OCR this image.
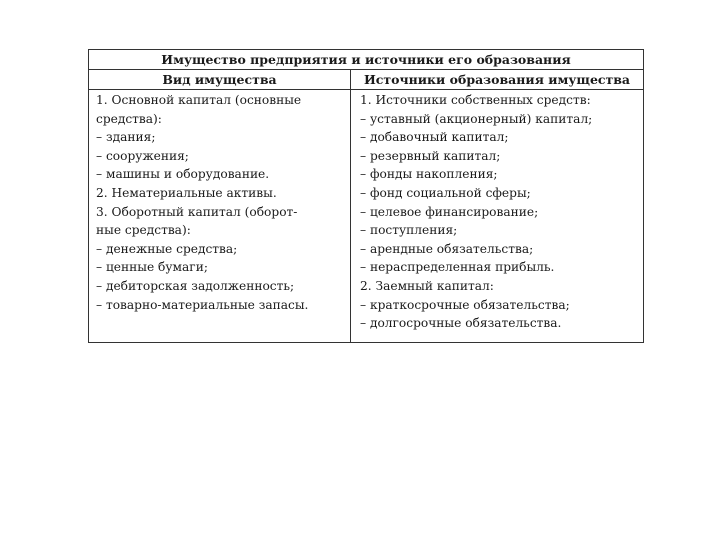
Имущество предприятия и источники его образования
Вид имущества	Источники образования имущества
1. Основной капитал (основные
средства):
– здания;
– сооружения;
– машины и оборудование.
2. Нематериальные активы.
3. Оборотный капитал (оборот-
ные средства):
– денежные средства;
– ценные бумаги;
– дебиторская задолженность;
– товарно-материальные запасы.
1. Источники собственных средств:
– уставный (акционерный) капитал;
– добавочный капитал;
– резервный капитал;
– фонды накопления;
– фонд социальной сферы;
– целевое финансирование;
– поступления;
– арендные обязательства;
– нераспределенная прибыль.
2. Заемный капитал:
– краткосрочные обязательства;
– долгосрочные обязательства.
